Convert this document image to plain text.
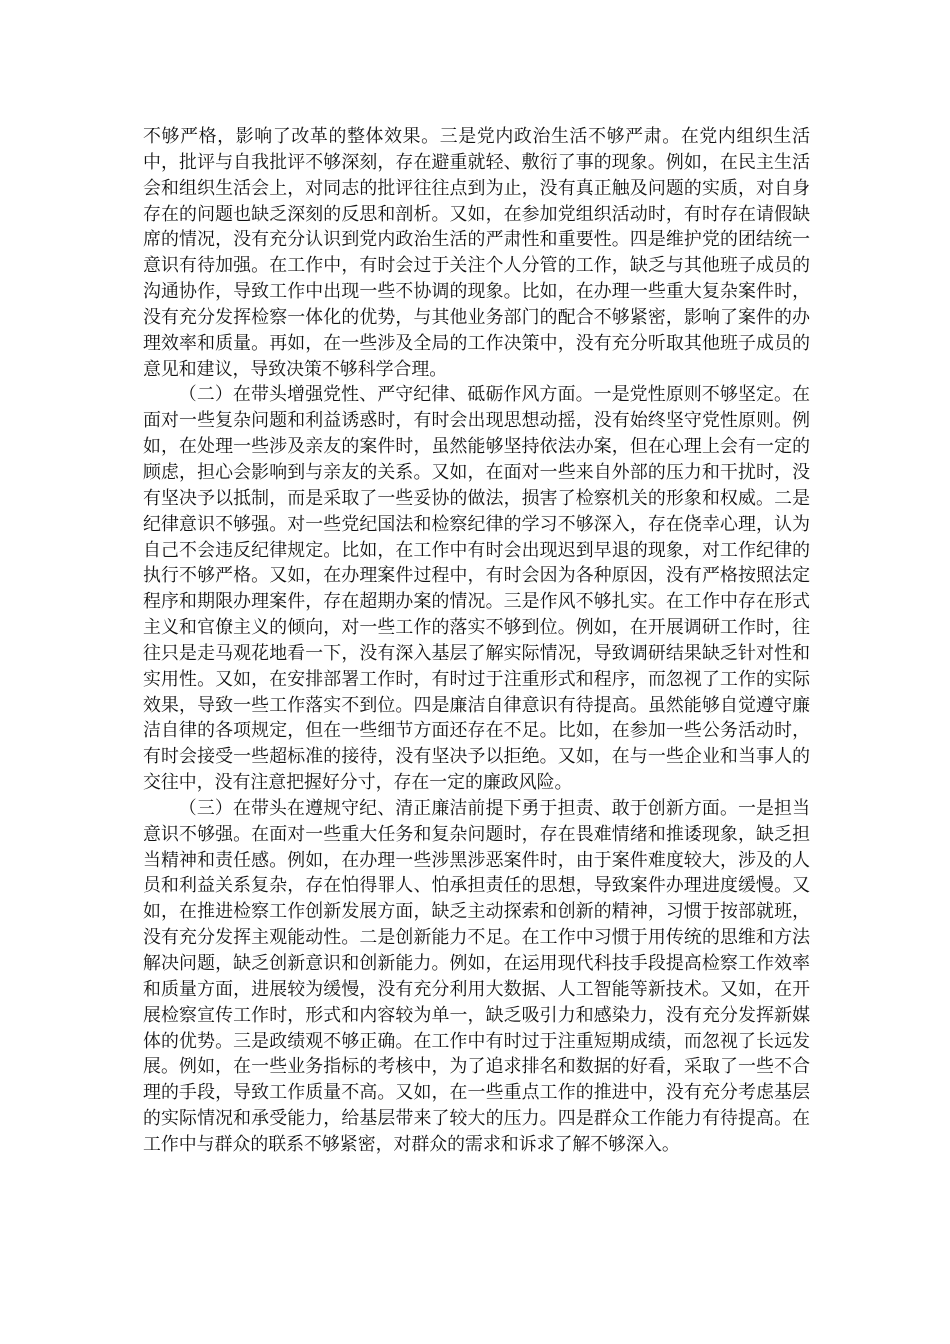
不够严格，影响了改革的整体效果。三是党内政治生活不够严肃。在党内组织生活中，批评与自我批评不够深刻，存在避重就轻、敷衍了事的现象。例如，在民主生活会和组织生活会上，对同志的批评往往点到为止，没有真正触及问题的实质，对自身存在的问题也缺乏深刻的反思和剖析。又如，在参加党组织活动时，有时存在请假缺席的情况，没有充分认识到党内政治生活的严肃性和重要性。四是维护党的团结统一意识有待加强。在工作中，有时会过于关注个人分管的工作，缺乏与其他班子成员的沟通协作，导致工作中出现一些不协调的现象。比如，在办理一些重大复杂案件时，没有充分发挥检察一体化的优势，与其他业务部门的配合不够紧密，影响了案件的办理效率和质量。再如，在一些涉及全局的工作决策中，没有充分听取其他班子成员的意见和建议，导致决策不够科学合理。

（二）在带头增强党性、严守纪律、砥砺作风方面。一是党性原则不够坚定。在面对一些复杂问题和利益诱惑时，有时会出现思想动摇，没有始终坚守党性原则。例如，在处理一些涉及亲友的案件时，虽然能够坚持依法办案，但在心理上会有一定的顾虑，担心会影响到与亲友的关系。又如，在面对一些来自外部的压力和干扰时，没有坚决予以抵制，而是采取了一些妥协的做法，损害了检察机关的形象和权威。二是纪律意识不够强。对一些党纪国法和检察纪律的学习不够深入，存在侥幸心理，认为自己不会违反纪律规定。比如，在工作中有时会出现迟到早退的现象，对工作纪律的执行不够严格。又如，在办理案件过程中，有时会因为各种原因，没有严格按照法定程序和期限办理案件，存在超期办案的情况。三是作风不够扎实。在工作中存在形式主义和官僚主义的倾向，对一些工作的落实不够到位。例如，在开展调研工作时，往往只是走马观花地看一下，没有深入基层了解实际情况，导致调研结果缺乏针对性和实用性。又如，在安排部署工作时，有时过于注重形式和程序，而忽视了工作的实际效果，导致一些工作落实不到位。四是廉洁自律意识有待提高。虽然能够自觉遵守廉洁自律的各项规定，但在一些细节方面还存在不足。比如，在参加一些公务活动时，有时会接受一些超标准的接待，没有坚决予以拒绝。又如，在与一些企业和当事人的交往中，没有注意把握好分寸，存在一定的廉政风险。

（三）在带头在遵规守纪、清正廉洁前提下勇于担责、敢于创新方面。一是担当意识不够强。在面对一些重大任务和复杂问题时，存在畏难情绪和推诿现象，缺乏担当精神和责任感。例如，在办理一些涉黑涉恶案件时，由于案件难度较大，涉及的人员和利益关系复杂，存在怕得罪人、怕承担责任的思想，导致案件办理进度缓慢。又如，在推进检察工作创新发展方面，缺乏主动探索和创新的精神，习惯于按部就班，没有充分发挥主观能动性。二是创新能力不足。在工作中习惯于用传统的思维和方法解决问题，缺乏创新意识和创新能力。例如，在运用现代科技手段提高检察工作效率和质量方面，进展较为缓慢，没有充分利用大数据、人工智能等新技术。又如，在开展检察宣传工作时，形式和内容较为单一，缺乏吸引力和感染力，没有充分发挥新媒体的优势。三是政绩观不够正确。在工作中有时过于注重短期成绩，而忽视了长远发展。例如，在一些业务指标的考核中，为了追求排名和数据的好看，采取了一些不合理的手段，导致工作质量不高。又如，在一些重点工作的推进中，没有充分考虑基层的实际情况和承受能力，给基层带来了较大的压力。四是群众工作能力有待提高。在工作中与群众的联系不够紧密，对群众的需求和诉求了解不够深入。
